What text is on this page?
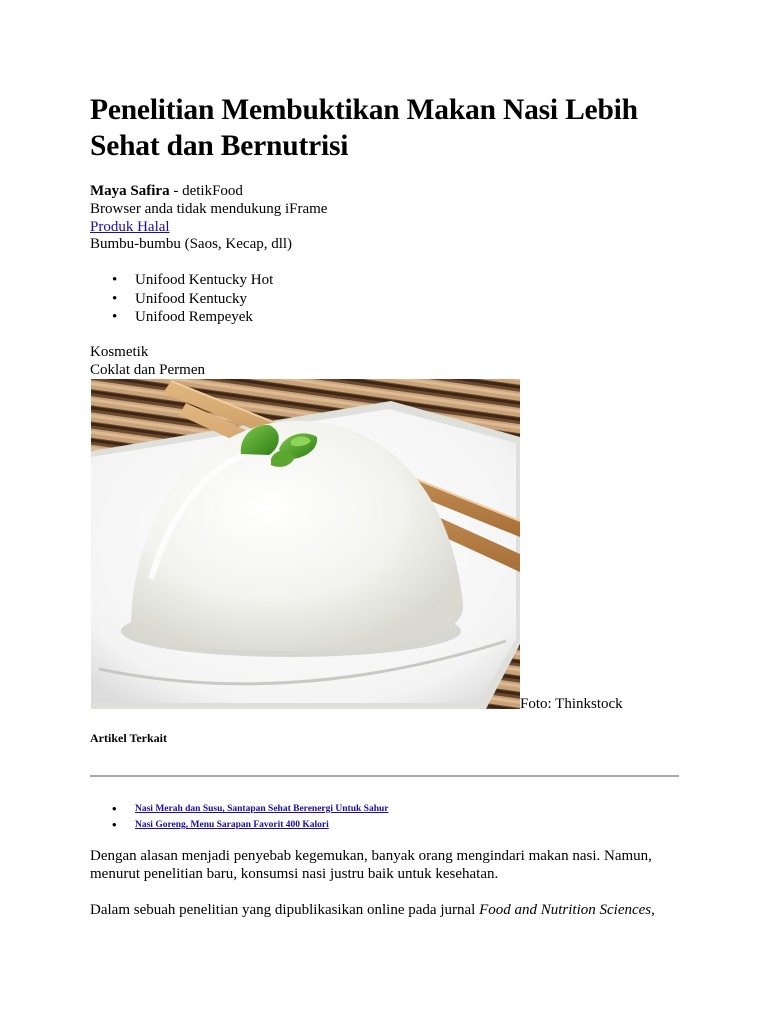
Penelitian Membuktikan Makan Nasi Lebih Sehat dan Bernutrisi
Maya Safira - detikFood
Browser anda tidak mendukung iFrame
Produk Halal
Bumbu-bumbu (Saos, Kecap, dll)
• Unifood Kentucky Hot
• Unifood Kentucky
• Unifood Rempeyek
Kosmetik
Coklat dan Permen
Foto: Thinkstock
Artikel Terkait
• Nasi Merah dan Susu, Santapan Sehat Berenergi Untuk Sahur
• Nasi Goreng, Menu Sarapan Favorit 400 Kalori

Dengan alasan menjadi penyebab kegemukan, banyak orang mengindari makan nasi. Namun, menurut penelitian baru, konsumsi nasi justru baik untuk kesehatan.

Dalam sebuah penelitian yang dipublikasikan online pada jurnal Food and Nutrition Sciences,
